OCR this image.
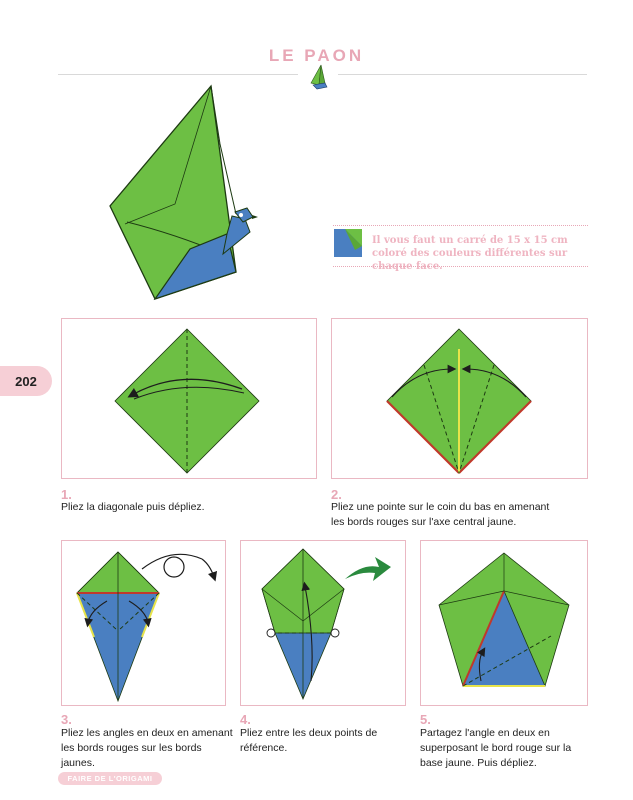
LE PAON
Il vous faut un carré de 15 x 15 cm coloré des couleurs différentes sur chaque face.
202
1.
Pliez la diagonale puis dépliez.
2.
Pliez une pointe sur le coin du bas en amenant
les bords rouges sur l'axe central jaune.
3.
Pliez les angles en deux en amenant
les bords rouges sur les bords jaunes.
4.
Pliez entre les deux points de
référence.
5.
Partagez l'angle en deux en
superposant le bord rouge sur la
base jaune. Puis dépliez.
FAIRE DE L'ORIGAMI
